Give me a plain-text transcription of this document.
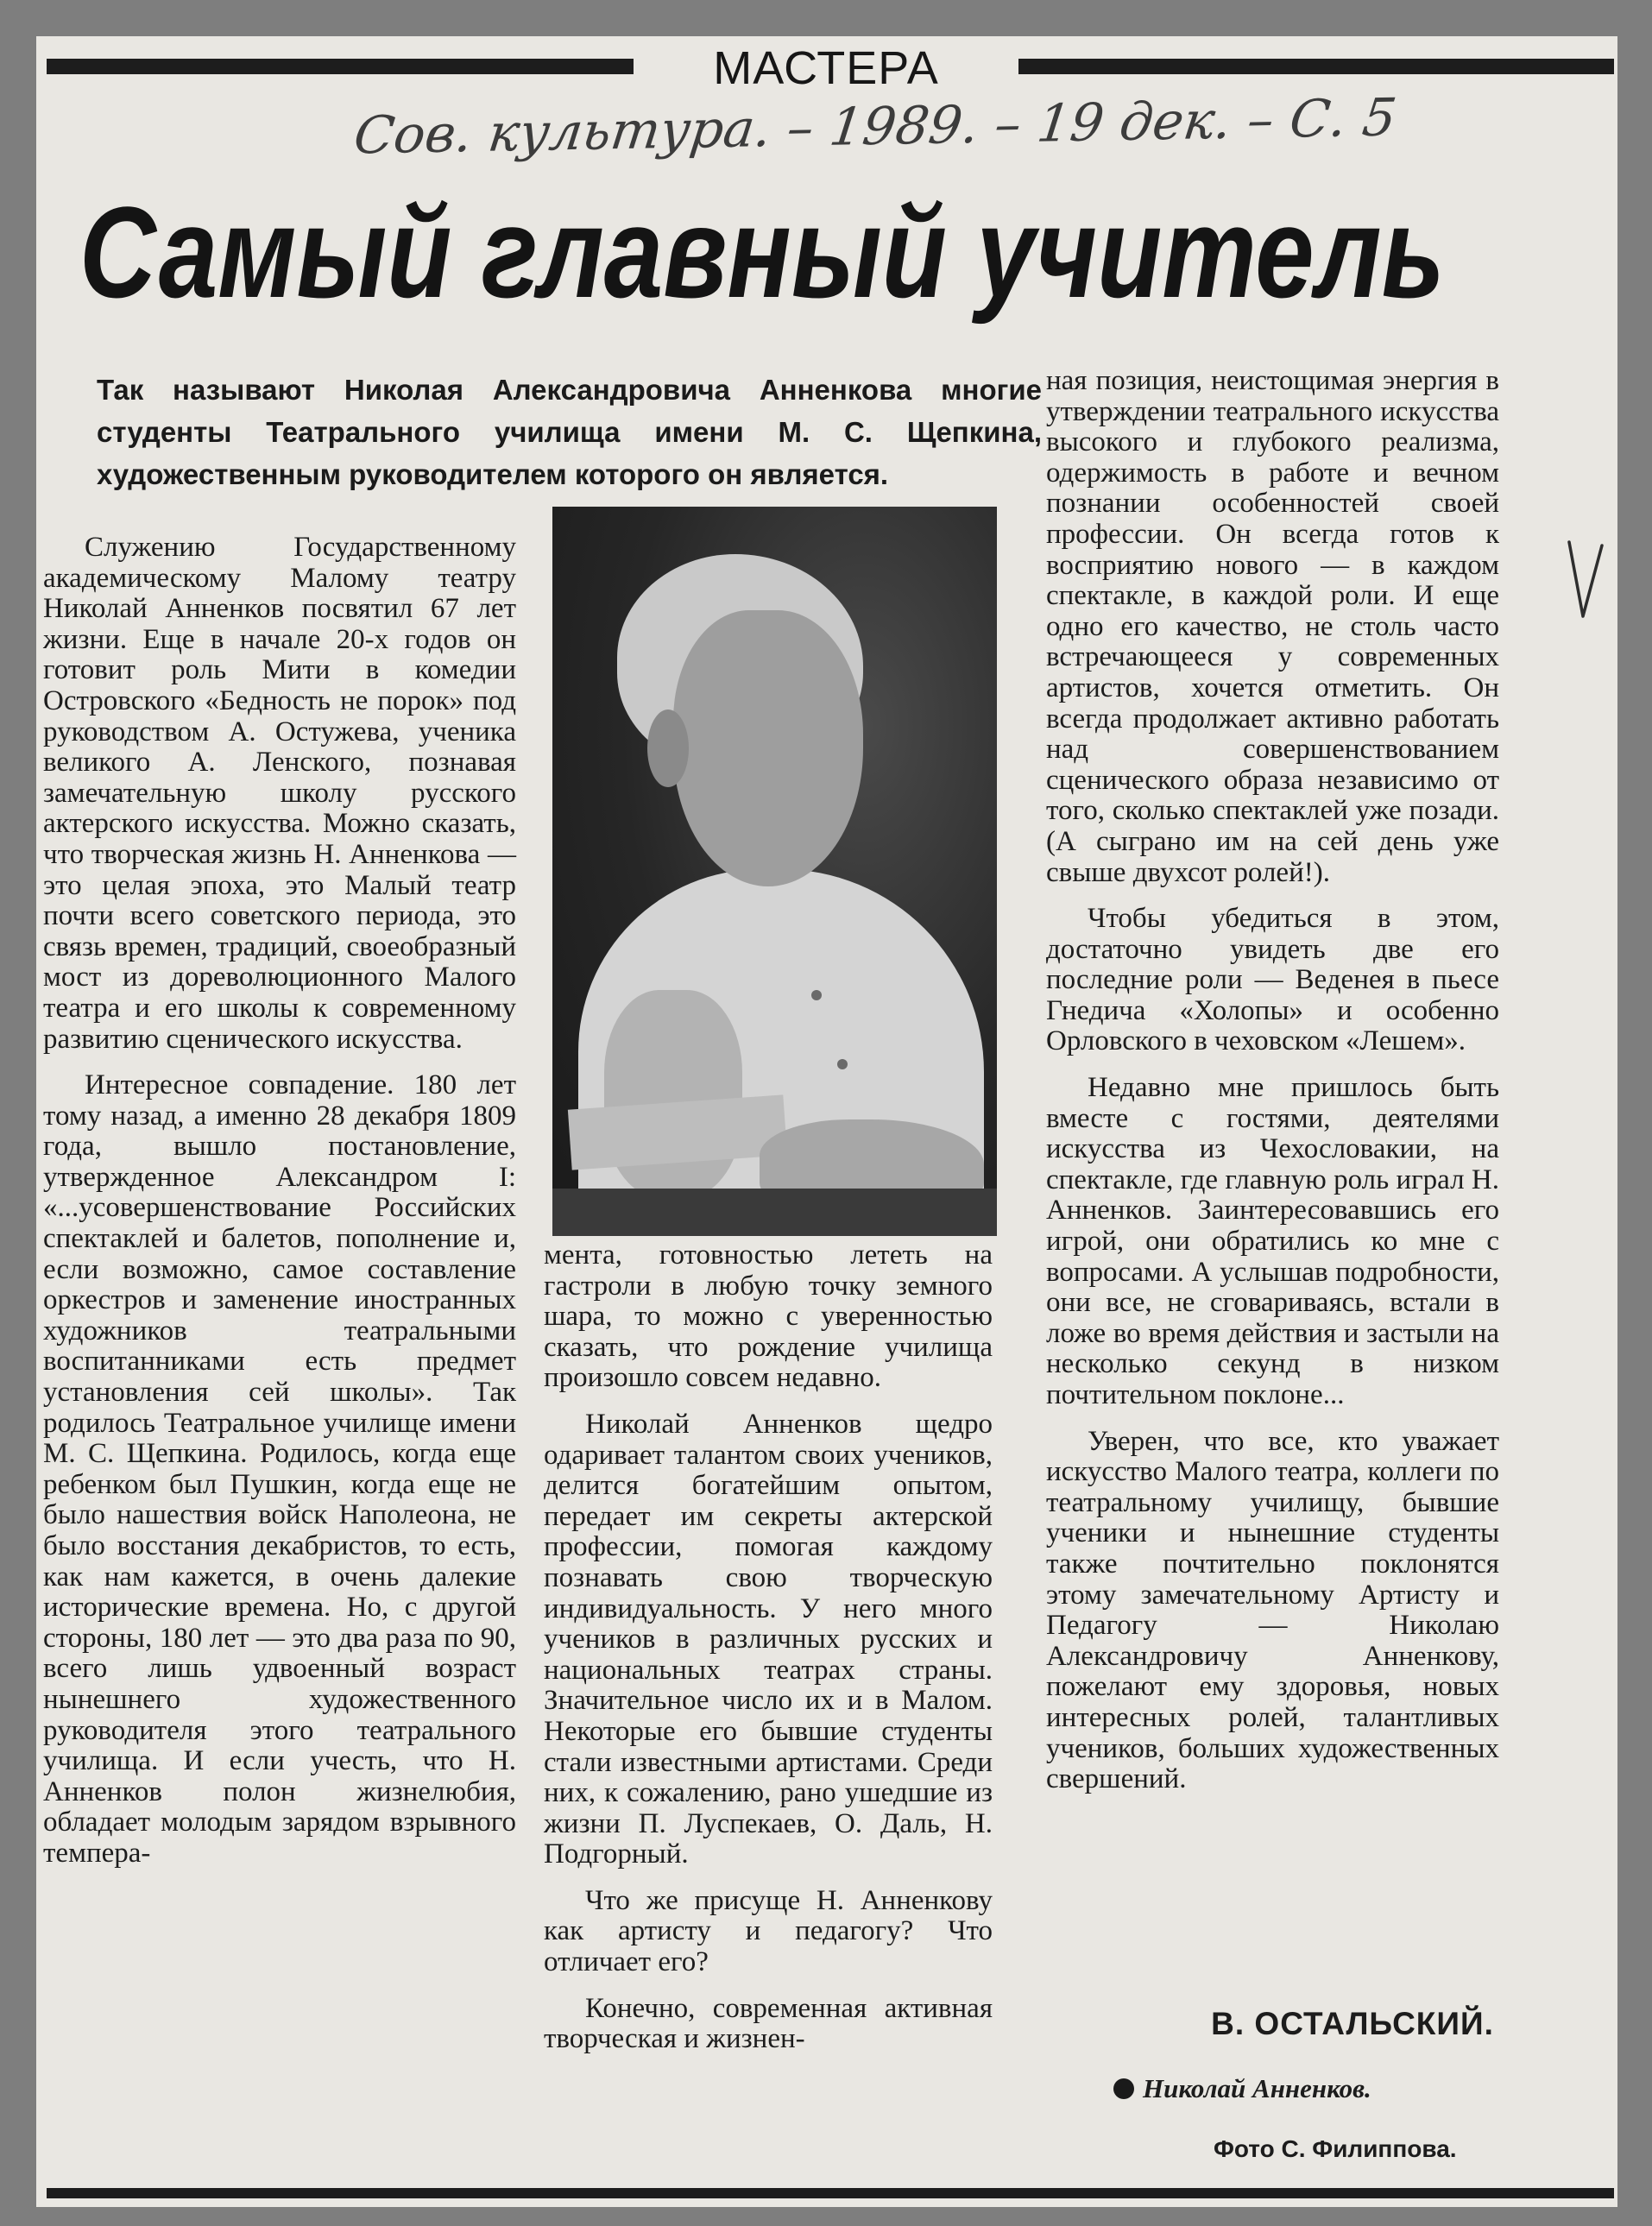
МАСТЕРА
Сов. культура. – 1989. – 19 дек. – С. 5
Самый главный учитель
Так называют Николая Александровича Анненкова многие студенты Театрального училища имени М. С. Щепкина, художественным руководителем которого он является.

Служению Государственному академическому Малому театру Николай Анненков посвятил 67 лет жизни. Еще в начале 20-х годов он готовит роль Мити в комедии Островского «Бедность не порок» под руководством А. Остужева, ученика великого А. Ленского, познавая замечательную школу русского актерского искусства. Можно сказать, что творческая жизнь Н. Анненкова — это целая эпоха, это Малый театр почти всего советского периода, это связь времен, традиций, своеобразный мост из дореволюционного Малого театра и его школы к современному развитию сценического искусства.

Интересное совпадение. 180 лет тому назад, а именно 28 декабря 1809 года, вышло постановление, утвержденное Александром I: «...усовершенствование Российских спектаклей и балетов, пополнение и, если возможно, самое составление оркестров и заменение иностранных художников театральными воспитанниками есть предмет установления сей школы». Так родилось Театральное училище имени М. С. Щепкина. Родилось, когда еще ребенком был Пушкин, когда еще не было нашествия войск Наполеона, не было восстания декабристов, то есть, как нам кажется, в очень далекие исторические времена. Но, с другой стороны, 180 лет — это два раза по 90, всего лишь удвоенный возраст нынешнего художественного руководителя этого театрального училища. И если учесть, что Н. Анненков полон жизнелюбия, обладает молодым зарядом взрывного темпера-

мента, готовностью лететь на гастроли в любую точку земного шара, то можно с уверенностью сказать, что рождение училища произошло совсем недавно.

Николай Анненков щедро одаривает талантом своих учеников, делится богатейшим опытом, передает им секреты актерской профессии, помогая каждому познавать свою творческую индивидуальность. У него много учеников в различных русских и национальных театрах страны. Значительное число их и в Малом. Некоторые его бывшие студенты стали известными артистами. Среди них, к сожалению, рано ушедшие из жизни П. Луспекаев, О. Даль, Н. Подгорный.

Что же присуще Н. Анненкову как артисту и педагогу? Что отличает его?

Конечно, современная активная творческая и жизнен-

ная позиция, неистощимая энергия в утверждении театрального искусства высокого и глубокого реализма, одержимость в работе и вечном познании особенностей своей профессии. Он всегда готов к восприятию нового — в каждом спектакле, в каждой роли. И еще одно его качество, не столь часто встречающееся у современных артистов, хочется отметить. Он всегда продолжает активно работать над совершенствованием сценического образа независимо от того, сколько спектаклей уже позади. (А сыграно им на сей день уже свыше двухсот ролей!).

Чтобы убедиться в этом, достаточно увидеть две его последние роли — Веденея в пьесе Гнедича «Холопы» и особенно Орловского в чеховском «Лешем».

Недавно мне пришлось быть вместе с гостями, деятелями искусства из Чехословакии, на спектакле, где главную роль играл Н. Анненков. Заинтересовавшись его игрой, они обратились ко мне с вопросами. А услышав подробности, они все, не сговариваясь, встали в ложе во время действия и застыли на несколько секунд в низком почтительном поклоне...

Уверен, что все, кто уважает искусство Малого театра, коллеги по театральному училищу, бывшие ученики и нынешние студенты также почтительно поклонятся этому замечательному Артисту и Педагогу — Николаю Александровичу Анненкову, пожелают ему здоровья, новых интересных ролей, талантливых учеников, больших художественных свершений.

В. ОСТАЛЬСКИЙ.
Николай Анненков.
Фото С. Филиппова.
